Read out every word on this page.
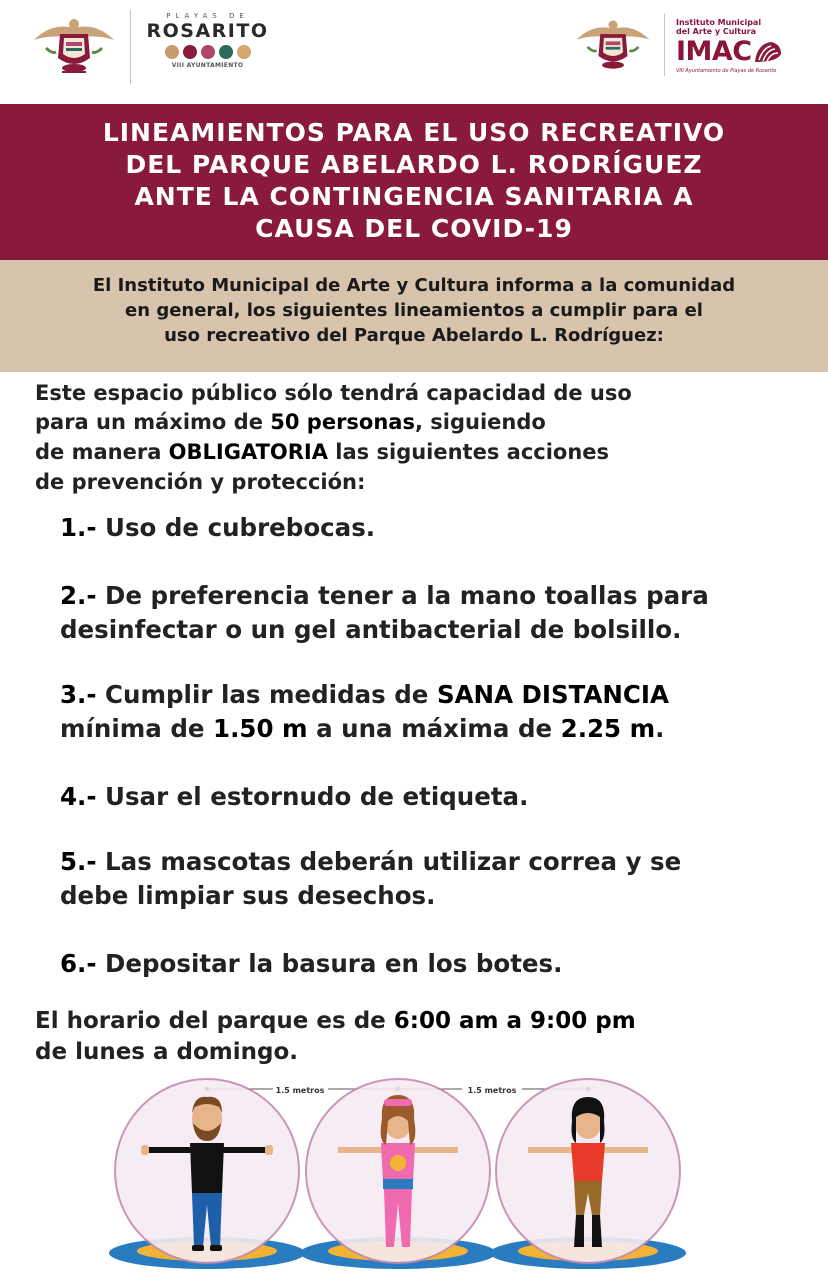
PLAYAS DE
ROSARITO
VIII AYUNTAMIENTO
Instituto Municipal
del Arte y Cultura
IMAC
VIII Ayuntamiento de Playas de Rosarito
LINEAMIENTOS PARA EL USO RECREATIVO
DEL PARQUE ABELARDO L. RODRÍGUEZ
ANTE LA CONTINGENCIA SANITARIA A
CAUSA DEL COVID-19
El Instituto Municipal de Arte y Cultura informa a la comunidad
en general, los siguientes lineamientos a cumplir para el
uso recreativo del Parque Abelardo L. Rodríguez:
Este espacio público sólo tendrá capacidad de uso
para un máximo de 50 personas, siguiendo
de manera OBLIGATORIA las siguientes acciones
de prevención y protección:
1.- Uso de cubrebocas.
2.- De preferencia tener a la mano toallas para
desinfectar o un gel antibacterial de bolsillo.
3.- Cumplir las medidas de SANA DISTANCIA
mínima de 1.50 m a una máxima de 2.25 m.
4.- Usar el estornudo de etiqueta.
5.- Las mascotas deberán utilizar correa y se
debe limpiar sus desechos.
6.- Depositar la basura en los botes.
El horario del parque es de 6:00 am a 9:00 pm
de lunes a domingo.
1.5 metros	1.5 metros
